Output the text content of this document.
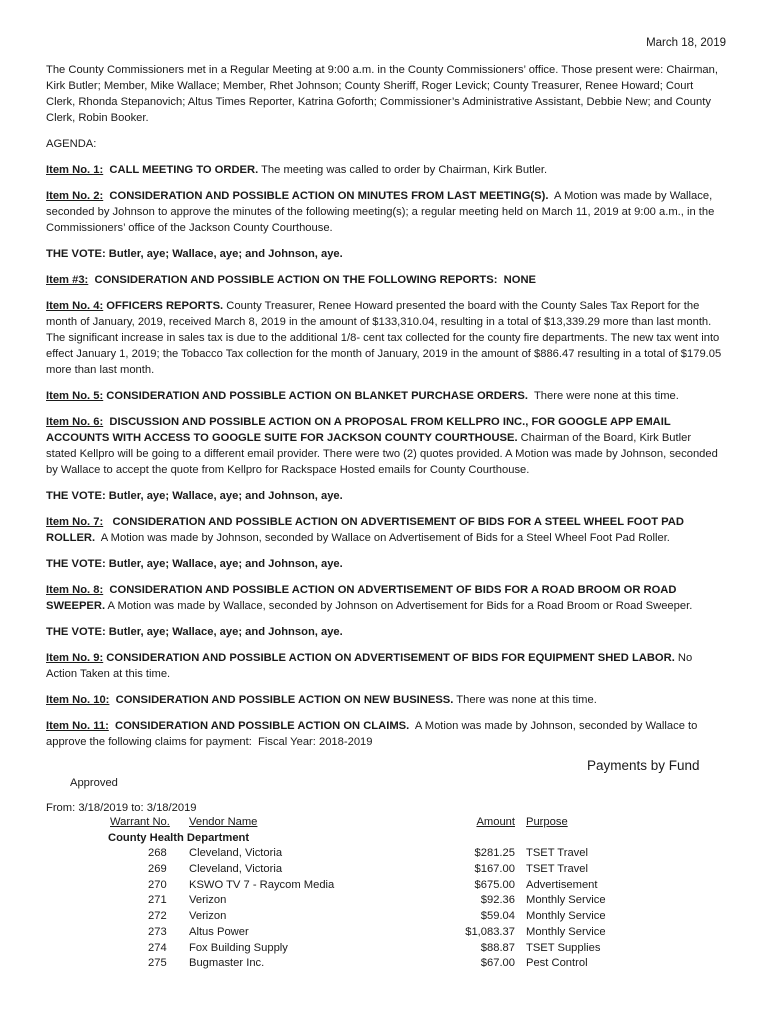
March 18, 2019

The County Commissioners met in a Regular Meeting at 9:00 a.m. in the County Commissioners’ office. Those present were: Chairman, Kirk Butler; Member, Mike Wallace; Member, Rhet Johnson; County Sheriff, Roger Levick; County Treasurer, Renee Howard; Court Clerk, Rhonda Stepanovich; Altus Times Reporter, Katrina Goforth; Commissioner’s Administrative Assistant, Debbie New; and County Clerk, Robin Booker.

AGENDA:

Item No. 1:  CALL MEETING TO ORDER. The meeting was called to order by Chairman, Kirk Butler.

Item No. 2:  CONSIDERATION AND POSSIBLE ACTION ON MINUTES FROM LAST MEETING(S).  A Motion was made by Wallace, seconded by Johnson to approve the minutes of the following meeting(s); a regular meeting held on March 11, 2019 at 9:00 a.m., in the Commissioners’ office of the Jackson County Courthouse.

THE VOTE: Butler, aye; Wallace, aye; and Johnson, aye.

Item #3:  CONSIDERATION AND POSSIBLE ACTION ON THE FOLLOWING REPORTS:  NONE

Item No. 4: OFFICERS REPORTS. County Treasurer, Renee Howard presented the board with the County Sales Tax Report for the month of January, 2019, received March 8, 2019 in the amount of $133,310.04, resulting in a total of $13,339.29 more than last month. The significant increase in sales tax is due to the additional 1/8- cent tax collected for the county fire departments. The new tax went into effect January 1, 2019; the Tobacco Tax collection for the month of January, 2019 in the amount of $886.47 resulting in a total of $179.05 more than last month.

Item No. 5: CONSIDERATION AND POSSIBLE ACTION ON BLANKET PURCHASE ORDERS.  There were none at this time.

Item No. 6:  DISCUSSION AND POSSIBLE ACTION ON A PROPOSAL FROM KELLPRO INC., FOR GOOGLE APP EMAIL ACCOUNTS WITH ACCESS TO GOOGLE SUITE FOR JACKSON COUNTY COURTHOUSE. Chairman of the Board, Kirk Butler stated Kellpro will be going to a different email provider. There were two (2) quotes provided. A Motion was made by Johnson, seconded by Wallace to accept the quote from Kellpro for Rackspace Hosted emails for County Courthouse.

THE VOTE: Butler, aye; Wallace, aye; and Johnson, aye.

Item No. 7:   CONSIDERATION AND POSSIBLE ACTION ON ADVERTISEMENT OF BIDS FOR A STEEL WHEEL FOOT PAD ROLLER.  A Motion was made by Johnson, seconded by Wallace on Advertisement of Bids for a Steel Wheel Foot Pad Roller.

THE VOTE: Butler, aye; Wallace, aye; and Johnson, aye.

Item No. 8:  CONSIDERATION AND POSSIBLE ACTION ON ADVERTISEMENT OF BIDS FOR A ROAD BROOM OR ROAD SWEEPER. A Motion was made by Wallace, seconded by Johnson on Advertisement for Bids for a Road Broom or Road Sweeper.

THE VOTE: Butler, aye; Wallace, aye; and Johnson, aye.

Item No. 9: CONSIDERATION AND POSSIBLE ACTION ON ADVERTISEMENT OF BIDS FOR EQUIPMENT SHED LABOR. No Action Taken at this time.

Item No. 10:  CONSIDERATION AND POSSIBLE ACTION ON NEW BUSINESS. There was none at this time.

Item No. 11:  CONSIDERATION AND POSSIBLE ACTION ON CLAIMS.  A Motion was made by Johnson, seconded by Wallace to approve the following claims for payment:  Fiscal Year: 2018-2019

Payments by Fund
Approved
From: 3/18/2019 to: 3/18/2019
Warrant No. Vendor Name	Amount Purpose
County Health Department
268 Cleveland, Victoria	$281.25 TSET Travel
269 Cleveland, Victoria	$167.00 TSET Travel
270 KSWO TV 7 - Raycom Media	$675.00 Advertisement
271 Verizon	$92.36 Monthly Service
272 Verizon	$59.04 Monthly Service
273 Altus Power	$1,083.37 Monthly Service
274 Fox Building Supply	$88.87 TSET Supplies
275 Bugmaster Inc.	$67.00 Pest Control
